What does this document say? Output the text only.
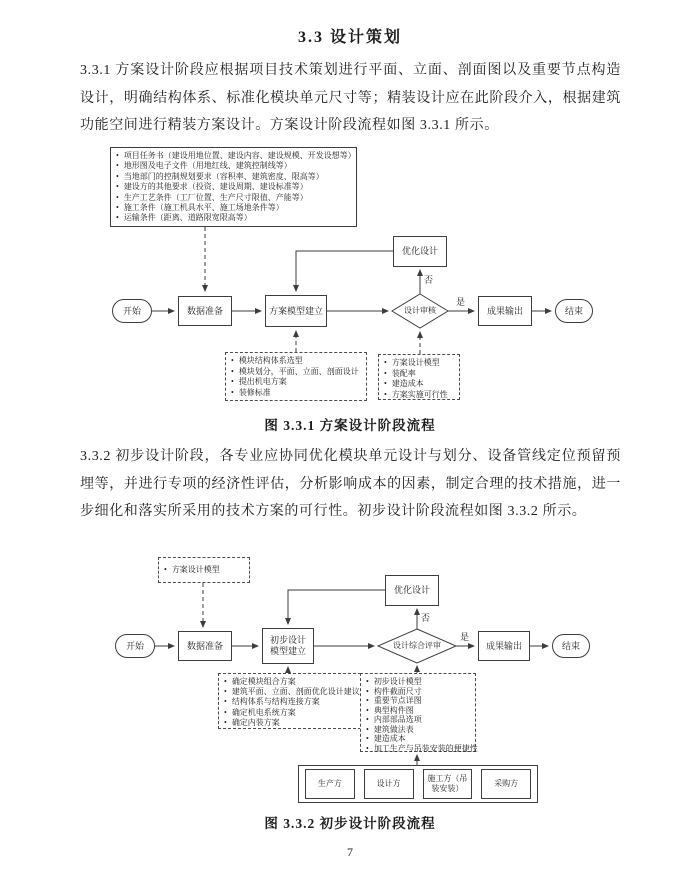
3.3 设计策划
3.3.1 方案设计阶段应根据项目技术策划进行平面、立面、剖面图以及重要节点构造设计，明确结构体系、标准化模块单元尺寸等；精装设计应在此阶段介入，根据建筑功能空间进行精装方案设计。方案设计阶段流程如图 3.3.1 所示。
• 项目任务书（建设用地位置、建设内容、建设规模、开发设想等）
• 地形图及电子文件（用地红线、建筑控制线等）
• 当地部门的控制规划要求（容积率、建筑密度、限高等）
• 建设方的其他要求（投资、建设周期、建设标准等）
• 生产工艺条件（工厂位置、生产尺寸限值、产能等）
• 施工条件（施工机具水平、施工场地条件等）
• 运输条件（距离、道路限宽限高等）
开始	数据准备	方案模型建立	设计审核
优化设计
成果输出	结束
是
否
• 模块结构体系选型
• 模块划分，平面、立面、剖面设计
• 提出机电方案
• 装修标准
• 方案设计模型
• 装配率
• 建造成本
• 方案实施可行性
图 3.3.1 方案设计阶段流程
3.3.2 初步设计阶段，各专业应协同优化模块单元设计与划分、设备管线定位预留预埋等，并进行专项的经济性评估，分析影响成本的因素，制定合理的技术措施，进一步细化和落实所采用的技术方案的可行性。初步设计阶段流程如图 3.3.2 所示。
• 方案设计模型
开始	数据准备
初步设计 模型建立
设计综合评审
优化设计
成果输出	结束
是
否
• 确定模块组合方案
• 建筑平面、立面、剖面优化设计建议
• 结构体系与结构连接方案
• 确定机电系统方案
• 确定内装方案
• 初步设计模型
• 构件截面尺寸
• 重要节点详图
• 典型构件图
• 内部部品选项
• 建筑做法表
• 建造成本
• 加工生产与吊装安装的便捷性
生产方	设计方
施工方（吊装安装）
采购方
图 3.3.2 初步设计阶段流程
7
